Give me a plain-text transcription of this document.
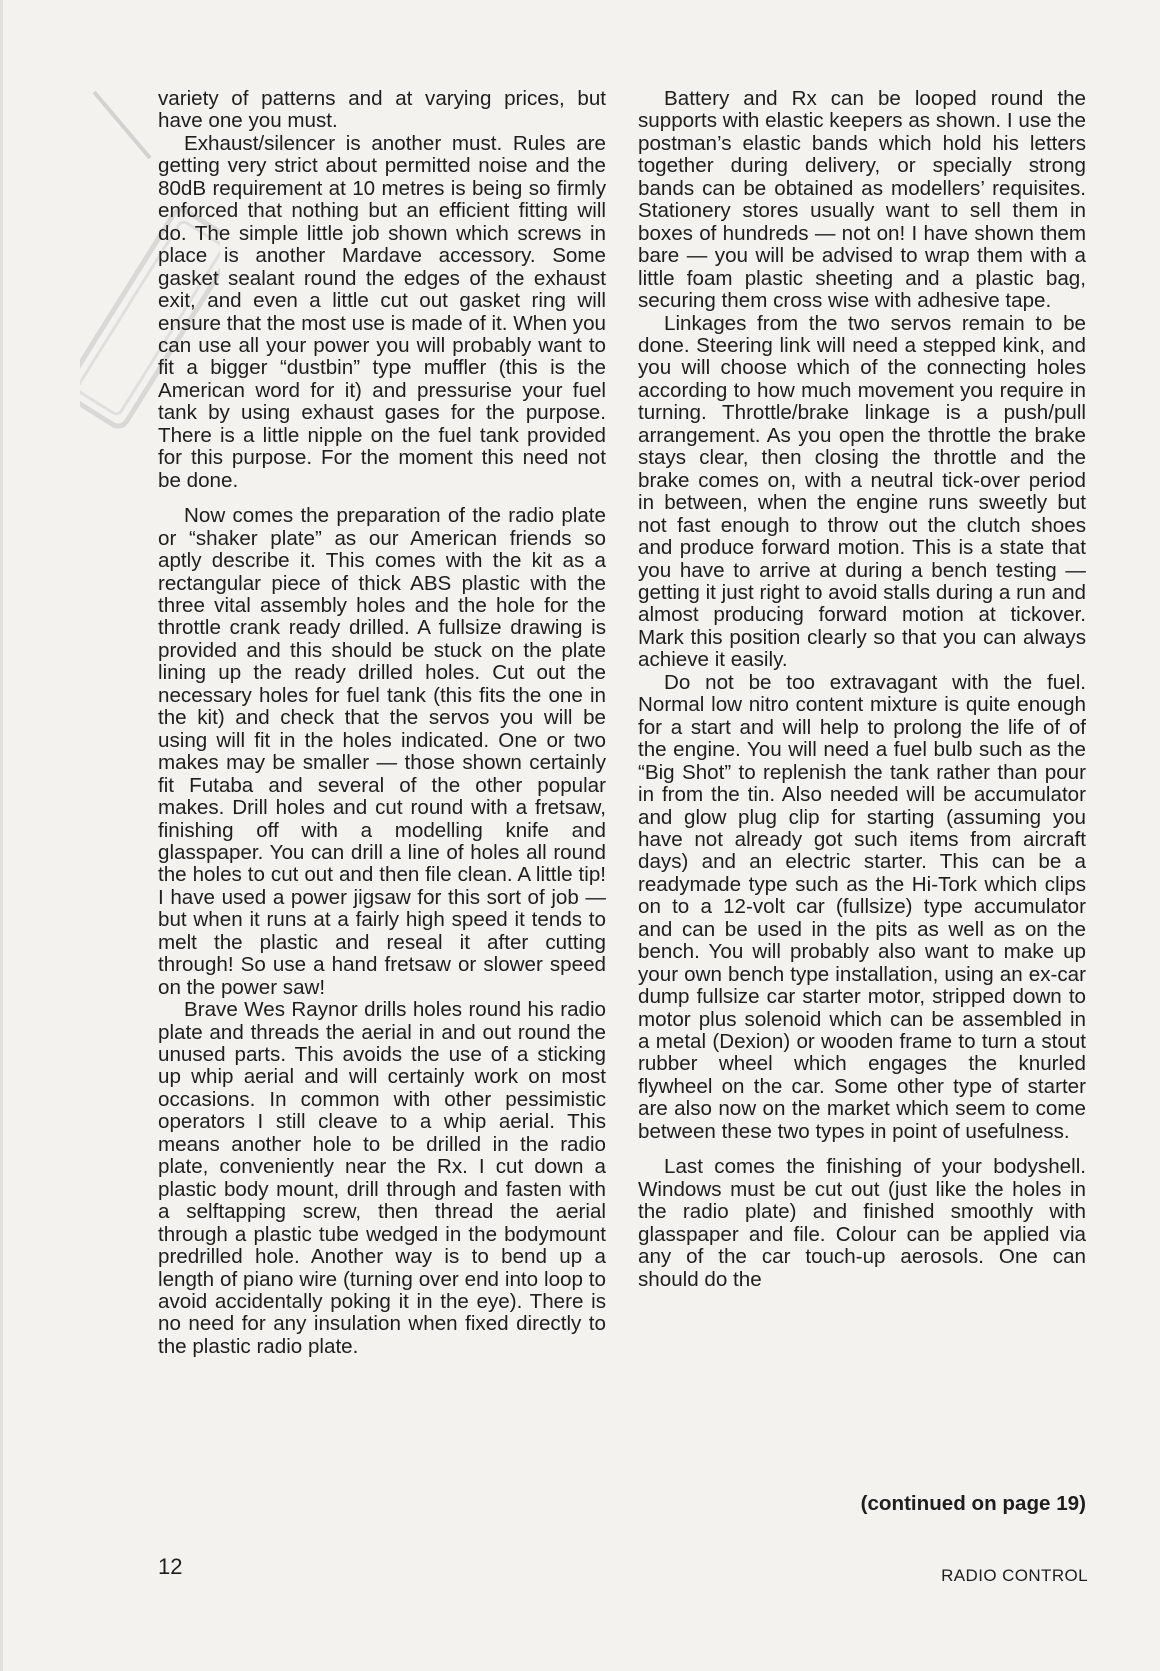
variety of patterns and at varying prices, but have one you must.

Exhaust/silencer is another must. Rules are getting very strict about permitted noise and the 80dB requirement at 10 metres is being so firmly enforced that nothing but an efficient fitting will do. The simple little job shown which screws in place is another Mardave accessory. Some gasket sealant round the edges of the exhaust exit, and even a little cut out gasket ring will ensure that the most use is made of it. When you can use all your power you will probably want to fit a bigger “dustbin” type muffler (this is the American word for it) and pressurise your fuel tank by using exhaust gases for the purpose. There is a little nipple on the fuel tank provided for this purpose. For the moment this need not be done.

Now comes the preparation of the radio plate or “shaker plate” as our American friends so aptly describe it. This comes with the kit as a rectangular piece of thick ABS plastic with the three vital assembly holes and the hole for the throttle crank ready drilled. A fullsize drawing is provided and this should be stuck on the plate lining up the ready drilled holes. Cut out the necessary holes for fuel tank (this fits the one in the kit) and check that the servos you will be using will fit in the holes indicated. One or two makes may be smaller — those shown certainly fit Futaba and several of the other popular makes. Drill holes and cut round with a fretsaw, finishing off with a modelling knife and glasspaper. You can drill a line of holes all round the holes to cut out and then file clean. A little tip! I have used a power jigsaw for this sort of job — but when it runs at a fairly high speed it tends to melt the plastic and reseal it after cutting through! So use a hand fretsaw or slower speed on the power saw!

Brave Wes Raynor drills holes round his radio plate and threads the aerial in and out round the unused parts. This avoids the use of a sticking up whip aerial and will certainly work on most occasions. In common with other pessimistic operators I still cleave to a whip aerial. This means another hole to be drilled in the radio plate, conveniently near the Rx. I cut down a plastic body mount, drill through and fasten with a selftapping screw, then thread the aerial through a plastic tube wedged in the bodymount predrilled hole. Another way is to bend up a length of piano wire (turning over end into loop to avoid accidentally poking it in the eye). There is no need for any insulation when fixed directly to the plastic radio plate.

Battery and Rx can be looped round the supports with elastic keepers as shown. I use the postman’s elastic bands which hold his letters together during delivery, or specially strong bands can be obtained as modellers’ requisites. Stationery stores usually want to sell them in boxes of hundreds — not on! I have shown them bare — you will be advised to wrap them with a little foam plastic sheeting and a plastic bag, securing them cross wise with adhesive tape.

Linkages from the two servos remain to be done. Steering link will need a stepped kink, and you will choose which of the connecting holes according to how much movement you require in turning. Throttle/brake linkage is a push/pull arrangement. As you open the throttle the brake stays clear, then closing the throttle and the brake comes on, with a neutral tick-over period in between, when the engine runs sweetly but not fast enough to throw out the clutch shoes and produce forward motion. This is a state that you have to arrive at during a bench testing — getting it just right to avoid stalls during a run and almost producing forward motion at tickover. Mark this position clearly so that you can always achieve it easily.

Do not be too extravagant with the fuel. Normal low nitro content mixture is quite enough for a start and will help to prolong the life of of the engine. You will need a fuel bulb such as the “Big Shot” to replenish the tank rather than pour in from the tin. Also needed will be accumulator and glow plug clip for starting (assuming you have not already got such items from aircraft days) and an electric starter. This can be a readymade type such as the Hi-Tork which clips on to a 12-volt car (fullsize) type accumulator and can be used in the pits as well as on the bench. You will probably also want to make up your own bench type installation, using an ex-car dump fullsize car starter motor, stripped down to motor plus solenoid which can be assembled in a metal (Dexion) or wooden frame to turn a stout rubber wheel which engages the knurled flywheel on the car. Some other type of starter are also now on the market which seem to come between these two types in point of usefulness.

Last comes the finishing of your bodyshell. Windows must be cut out (just like the holes in the radio plate) and finished smoothly with glasspaper and file. Colour can be applied via any of the car touch-up aerosols. One can should do the

(continued on page 19)
12	RADIO CONTROL
